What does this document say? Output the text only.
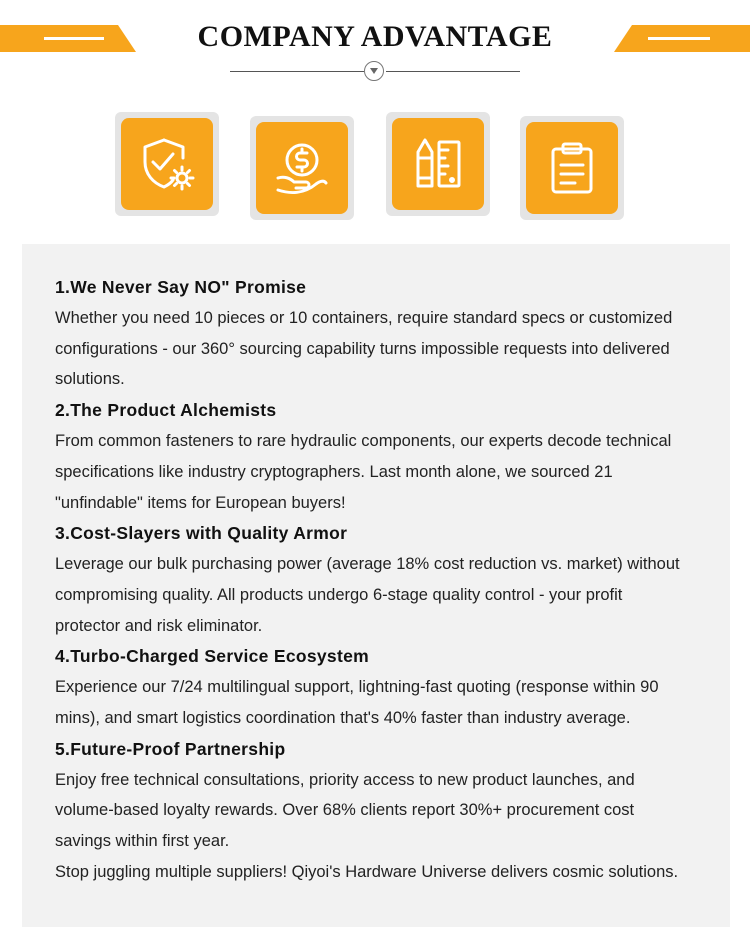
COMPANY ADVANTAGE
1.We Never Say NO" Promise
Whether you need 10 pieces or 10 containers, require standard specs or customized
configurations - our 360° sourcing capability turns impossible requests into delivered
solutions.
2.The Product Alchemists
From common fasteners to rare hydraulic components, our experts decode technical
specifications like industry cryptographers. Last month alone, we sourced 21
"unfindable" items for European buyers!
3.Cost-Slayers with Quality Armor
Leverage our bulk purchasing power (average 18% cost reduction vs. market) without
compromising quality. All products undergo 6-stage quality control - your profit
protector and risk eliminator.
4.Turbo-Charged Service Ecosystem
Experience our 7/24 multilingual support, lightning-fast quoting (response within 90
mins), and smart logistics coordination that's 40% faster than industry average.
5.Future-Proof Partnership
Enjoy free technical consultations, priority access to new product launches, and
volume-based loyalty rewards. Over 68% clients report 30%+ procurement cost
savings within first year.
Stop juggling multiple suppliers! Qiyoi's Hardware Universe delivers cosmic solutions.
